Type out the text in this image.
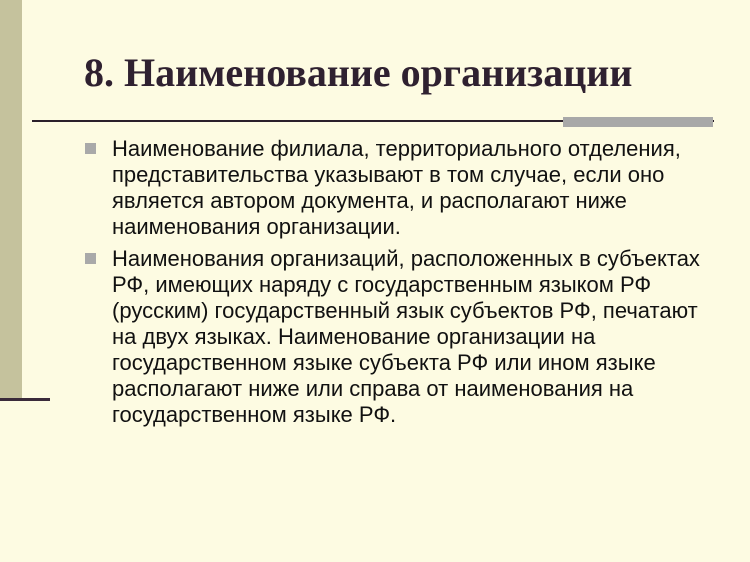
8. Наименование организации
Наименование филиала, территориального отделения, представительства указывают в том случае, если оно является автором документа, и располагают ниже наименования организации.
Наименования организаций, расположенных в субъектах РФ, имеющих наряду с государственным языком РФ (русским) государственный язык субъектов РФ, печатают на двух языках. Наименование организации на государственном языке субъекта РФ или ином языке располагают ниже или справа от наименования на государственном языке РФ.
